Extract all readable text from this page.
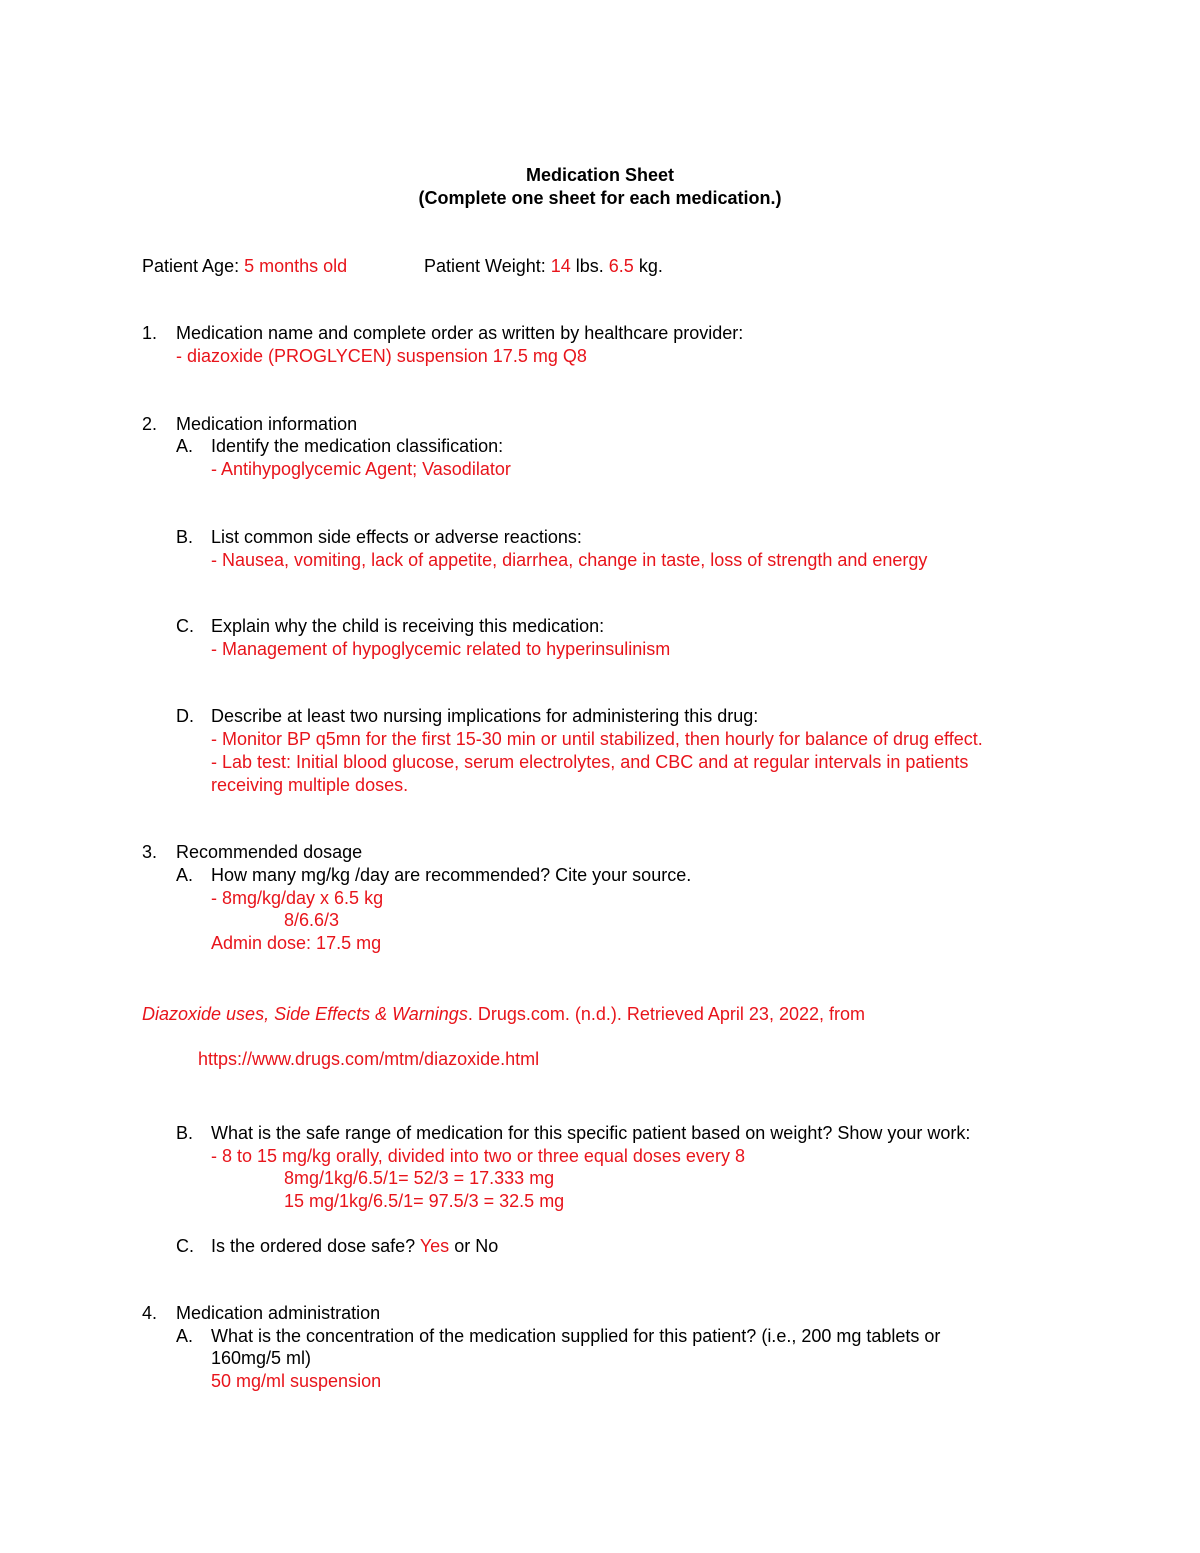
Medication Sheet
(Complete one sheet for each medication.)
Patient Age: 5 months old	Patient Weight: 14 lbs. 6.5 kg.
1. Medication name and complete order as written by healthcare provider:
- diazoxide (PROGLYCEN) suspension 17.5 mg Q8
2. Medication information
A. Identify the medication classification:
- Antihypoglycemic Agent; Vasodilator
B. List common side effects or adverse reactions:
- Nausea, vomiting, lack of appetite, diarrhea, change in taste, loss of strength and energy
C. Explain why the child is receiving this medication:
- Management of hypoglycemic related to hyperinsulinism
D. Describe at least two nursing implications for administering this drug:
- Monitor BP q5mn for the first 15-30 min or until stabilized, then hourly for balance of drug effect.
- Lab test: Initial blood glucose, serum electrolytes, and CBC and at regular intervals in patients
receiving multiple doses.
3. Recommended dosage
A. How many mg/kg /day are recommended? Cite your source.
- 8mg/kg/day x 6.5 kg
8/6.6/3
Admin dose: 17.5 mg
Diazoxide uses, Side Effects & Warnings. Drugs.com. (n.d.). Retrieved April 23, 2022, from
https://www.drugs.com/mtm/diazoxide.html
B. What is the safe range of medication for this specific patient based on weight? Show your work:
- 8 to 15 mg/kg orally, divided into two or three equal doses every 8
8mg/1kg/6.5/1= 52/3 = 17.333 mg
15 mg/1kg/6.5/1= 97.5/3 = 32.5 mg
C. Is the ordered dose safe? Yes or No
4. Medication administration
A. What is the concentration of the medication supplied for this patient? (i.e., 200 mg tablets or
160mg/5 ml)
50 mg/ml suspension
